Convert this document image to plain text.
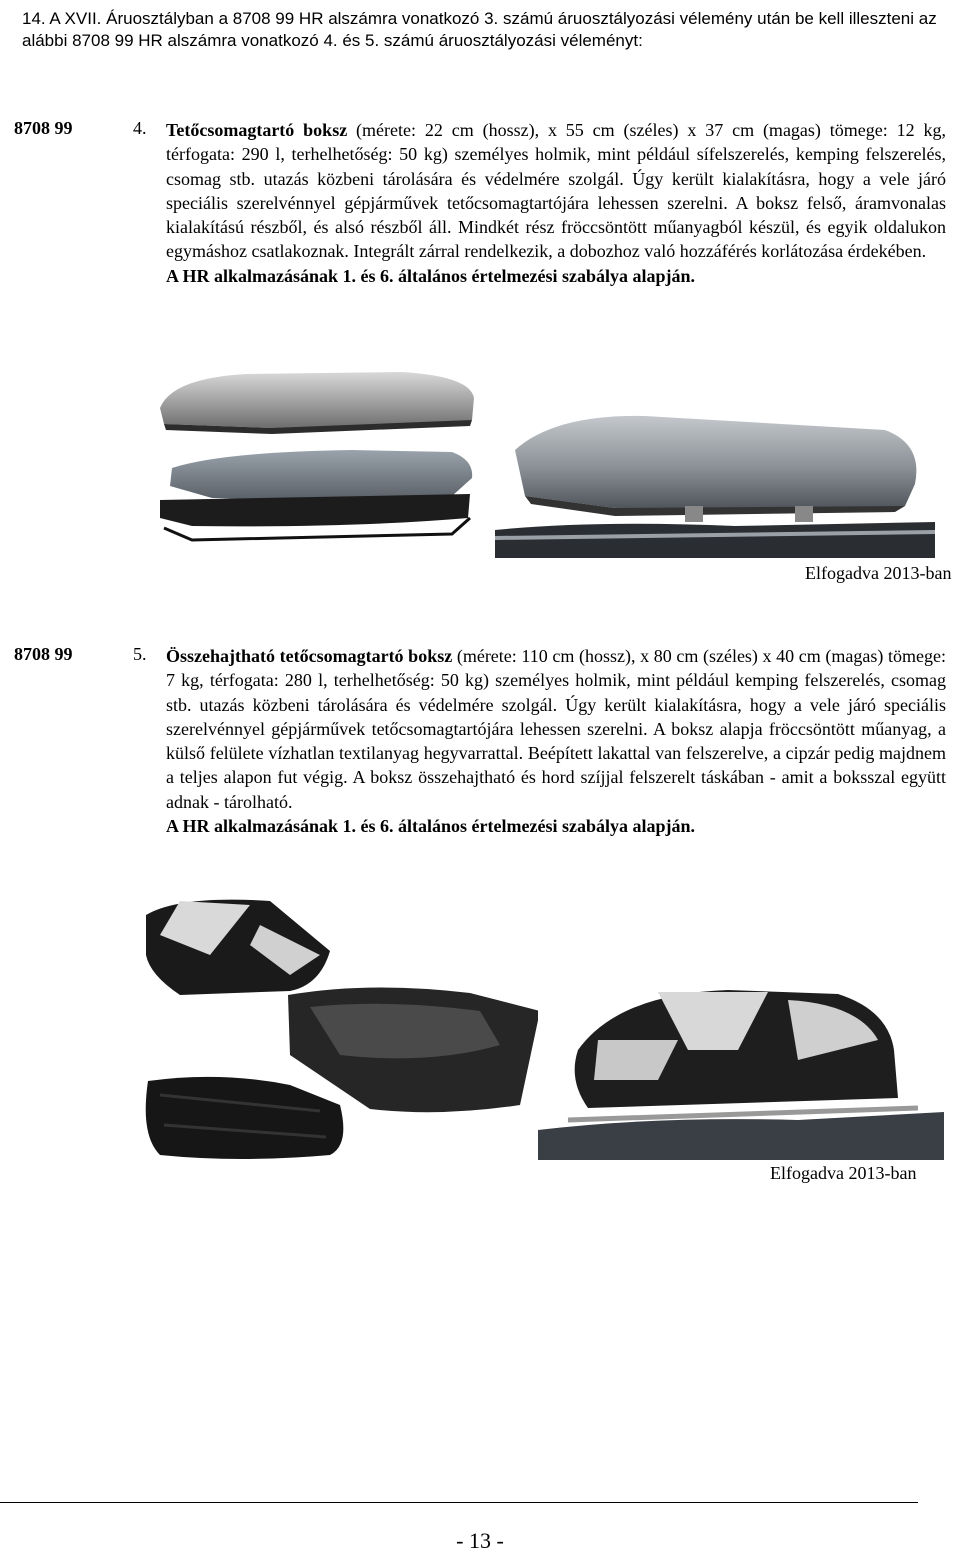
14. A XVII. Áruosztályban a 8708 99 HR alszámra vonatkozó 3. számú áruosztályozási vélemény után be kell illeszteni az alábbi 8708 99 HR alszámra vonatkozó 4. és 5. számú áruosztályozási véleményt:
8708 99	4. Tetőcsomagtartó boksz (mérete: 22 cm (hossz), x 55 cm (széles) x 37 cm (magas) tömege: 12 kg, térfogata: 290 l, terhelhetőség: 50 kg) személyes holmik, mint például sífelszerelés, kemping felszerelés, csomag stb. utazás közbeni tárolására és védelmére szolgál. Úgy került kialakításra, hogy a vele járó speciális szerelvénnyel gépjárművek tetőcsomagtartójára lehessen szerelni. A boksz felső, áramvonalas kialakítású részből, és alsó részből áll. Mindkét rész fröccsöntött műanyagból készül, és egyik oldalukon egymáshoz csatlakoznak. Integrált zárral rendelkezik, a dobozhoz való hozzáférés korlátozása érdekében.
A HR alkalmazásának 1. és 6. általános értelmezési szabálya alapján.
Elfogadva 2013-ban
8708 99	5. Összehajtható tetőcsomagtartó boksz (mérete: 110 cm (hossz), x 80 cm (széles) x 40 cm (magas) tömege: 7 kg, térfogata: 280 l, terhelhetőség: 50 kg) személyes holmik, mint például kemping felszerelés, csomag stb. utazás közbeni tárolására és védelmére szolgál. Úgy került kialakításra, hogy a vele járó speciális szerelvénnyel gépjárművek tetőcsomagtartójára lehessen szerelni. A boksz alapja fröccsöntött műanyag, a külső felülete vízhatlan textilanyag hegyvarrattal. Beépített lakattal van felszerelve, a cipzár pedig majdnem a teljes alapon fut végig. A boksz összehajtható és hord szíjjal felszerelt táskában - amit a boksszal együtt adnak - tárolható.
A HR alkalmazásának 1. és 6. általános értelmezési szabálya alapján.
Elfogadva 2013-ban
- 13 -
